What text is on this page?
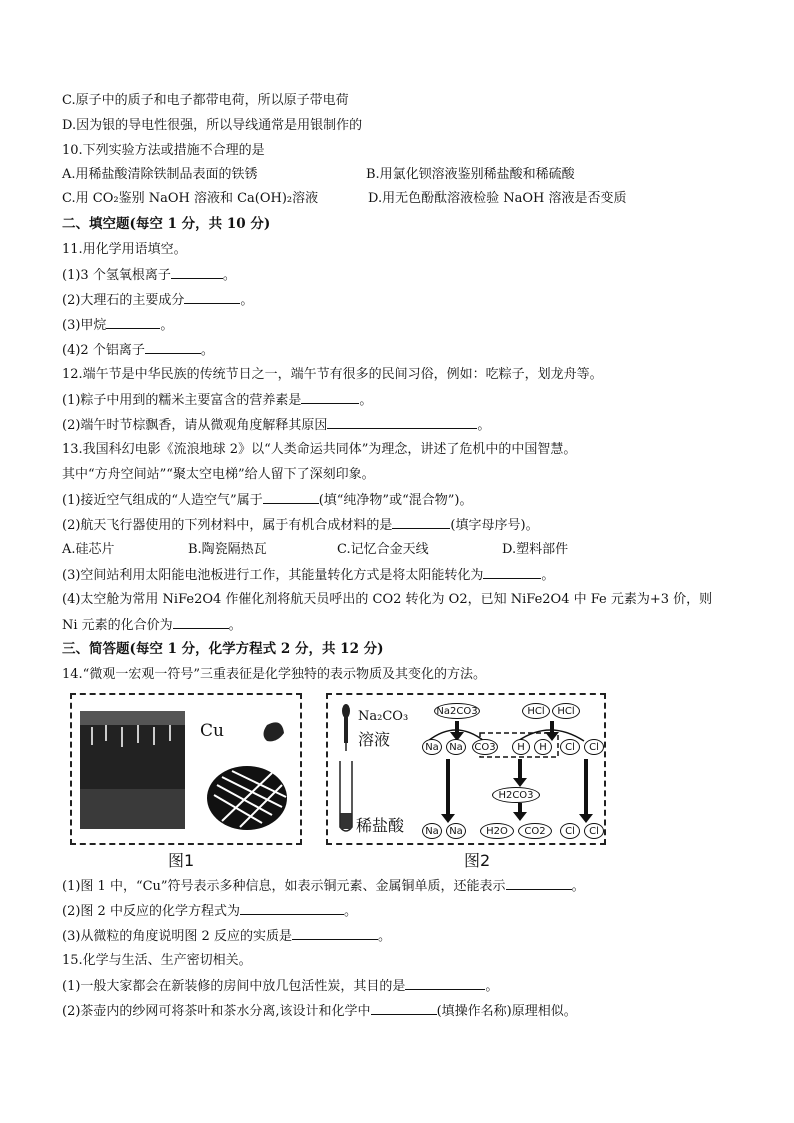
C.原子中的质子和电子都带电荷，所以原子带电荷
D.因为银的导电性很强，所以导线通常是用银制作的
10.下列实验方法或措施不合理的是
A.用稀盐酸清除铁制品表面的铁锈	B.用氯化钡溶液鉴别稀盐酸和稀硫酸
C.用 CO₂鉴别 NaOH 溶液和 Ca(OH)₂溶液	D.用无色酚酞溶液检验 NaOH 溶液是否变质
二、填空题(每空 1 分，共 10 分)
11.用化学用语填空。
(1)3 个氢氧根离子	。
(2)大理石的主要成分	。
(3)甲烷	。
(4)2 个铝离子	。
12.端午节是中华民族的传统节日之一，端午节有很多的民间习俗，例如：吃粽子，划龙舟等。
(1)粽子中用到的糯米主要富含的营养素是	。
(2)端午时节棕飘香，请从微观角度解释其原因	。
13.我国科幻电影《流浪地球 2》以“人类命运共同体”为理念，讲述了危机中的中国智慧。
其中“方舟空间站”“聚太空电梯”给人留下了深刻印象。
(1)接近空气组成的“人造空气”属于	(填“纯净物”或“混合物”)。
(2)航天飞行器使用的下列材料中，属于有机合成材料的是	(填字母序号)。
A.硅芯片	B.陶瓷隔热瓦	C.记忆合金天线	D.塑料部件
(3)空间站利用太阳能电池板进行工作，其能量转化方式是将太阳能转化为	。
(4)太空舱为常用 NiFe2O4 作催化剂将航天员呼出的 CO2 转化为 O2，已知 NiFe2O4 中 Fe 元素为+3 价，则
Ni 元素的化合价为	。
三、简答题(每空 1 分，化学方程式 2 分，共 12 分)
14.“微观一宏观一符号”三重表征是化学独特的表示物质及其变化的方法。
Cu
图1
Na₂CO₃
溶液
稀盐酸
Na2CO3	HCl	HCl
Na	Na	CO3	H	H	Cl	Cl
H2CO3
Na	Na	H2O	CO2	Cl	Cl
图2
(1)图 1 中，“Cu”符号表示多种信息，如表示铜元素、金属铜单质，还能表示	。
(2)图 2 中反应的化学方程式为	。
(3)从微粒的角度说明图 2 反应的实质是	。
15.化学与生活、生产密切相关。
(1)一般大家都会在新装修的房间中放几包活性炭，其目的是	。
(2)茶壶内的纱网可将茶叶和茶水分离,该设计和化学中	(填操作名称)原理相似。
